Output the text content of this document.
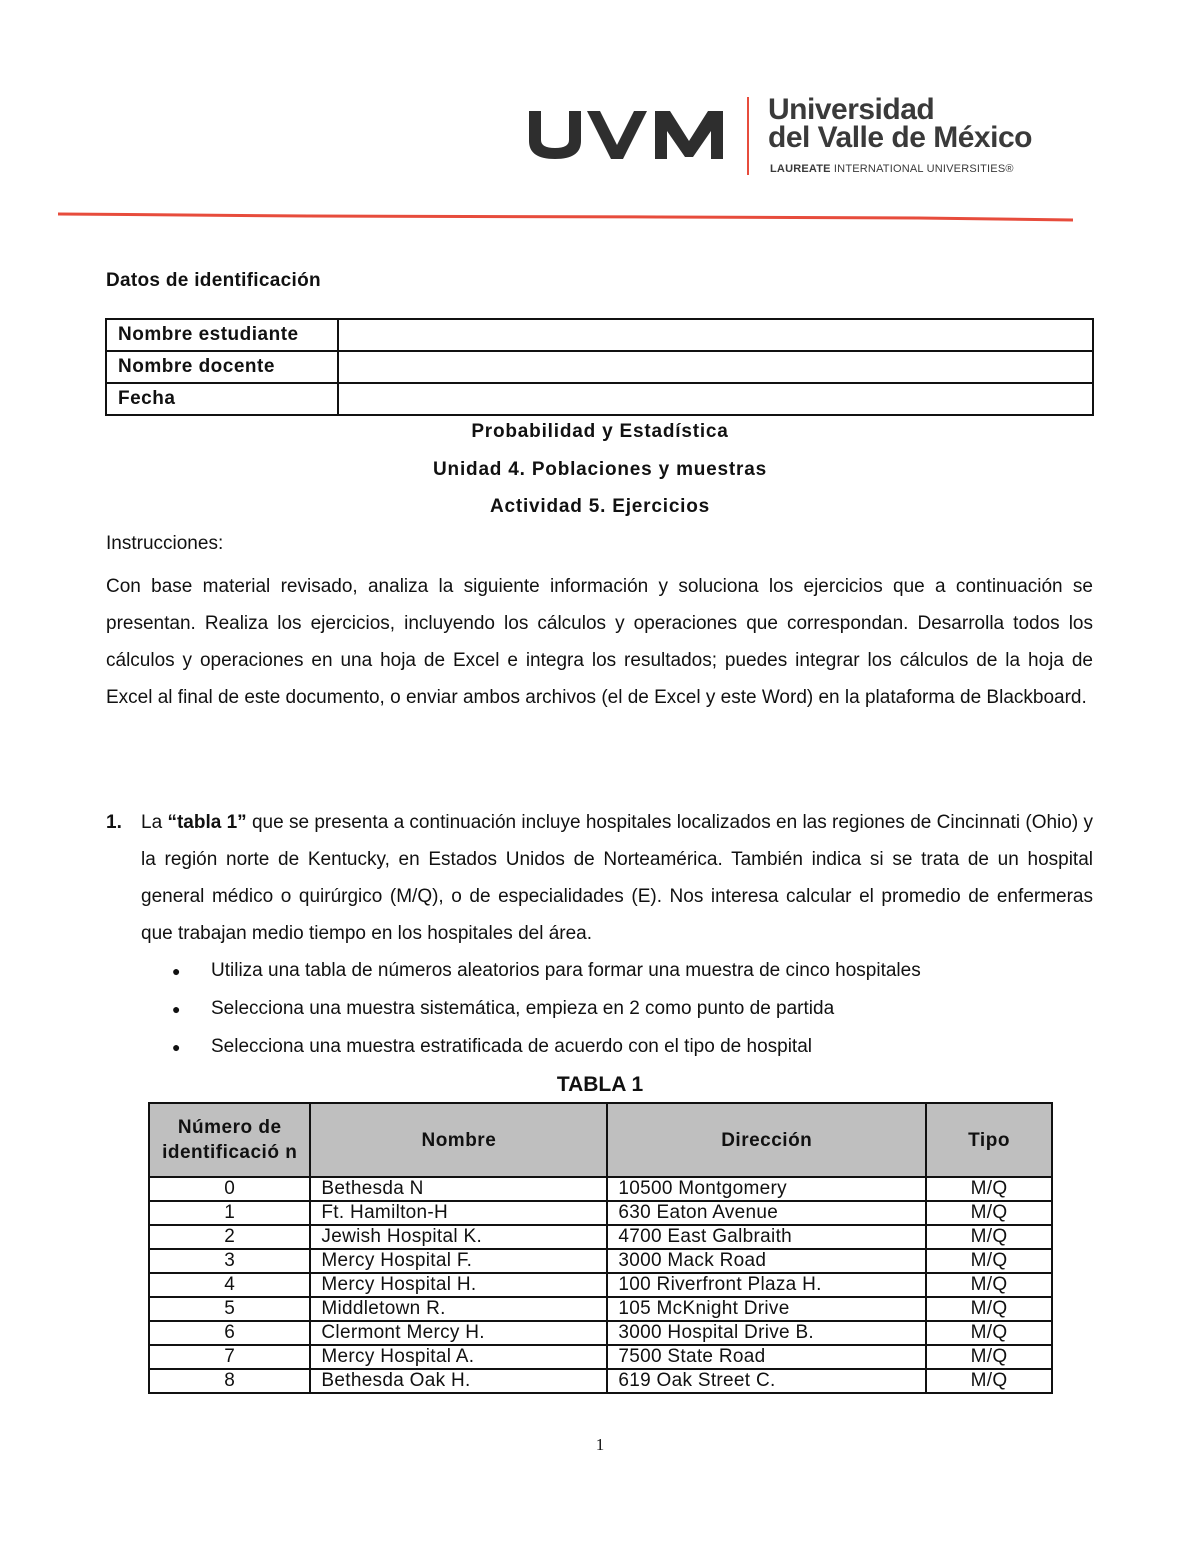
Universidad
del Valle de México
LAUREATE INTERNATIONAL UNIVERSITIES®
Datos de identificación
Nombre estudiante	
Nombre docente	
Fecha	
Probabilidad y Estadística
Unidad 4. Poblaciones y muestras
Actividad 5. Ejercicios
Instrucciones:
Con base material revisado, analiza la siguiente información y soluciona los ejercicios que a continuación se presentan. Realiza los ejercicios, incluyendo los cálculos y operaciones que correspondan. Desarrolla todos los cálculos y operaciones en una hoja de Excel e integra los resultados; puedes integrar los cálculos de la hoja de Excel al final de este documento, o enviar ambos archivos (el de Excel y este Word) en la plataforma de Blackboard.
1. La “tabla 1” que se presenta a continuación incluye hospitales localizados en las regiones de Cincinnati (Ohio) y la región norte de Kentucky, en Estados Unidos de Norteamérica. También indica si se trata de un hospital general médico o quirúrgico (M/Q), o de especialidades (E). Nos interesa calcular el promedio de enfermeras que trabajan medio tiempo en los hospitales del área.
●	Utiliza una tabla de números aleatorios para formar una muestra de cinco hospitales
●	Selecciona una muestra sistemática, empieza en 2 como punto de partida
●	Selecciona una muestra estratificada de acuerdo con el tipo de hospital
TABLA 1
Número de identificació n	Nombre	Dirección	Tipo
0	Bethesda N	10500 Montgomery	M/Q
1	Ft. Hamilton-H	630 Eaton Avenue	M/Q
2	Jewish Hospital K.	4700 East Galbraith	M/Q
3	Mercy Hospital F.	3000 Mack Road	M/Q
4	Mercy Hospital H.	100 Riverfront Plaza H.	M/Q
5	Middletown R.	105 McKnight Drive	M/Q
6	Clermont Mercy H.	3000 Hospital Drive B.	M/Q
7	Mercy Hospital A.	7500 State Road	M/Q
8	Bethesda Oak H.	619 Oak Street C.	M/Q
1
